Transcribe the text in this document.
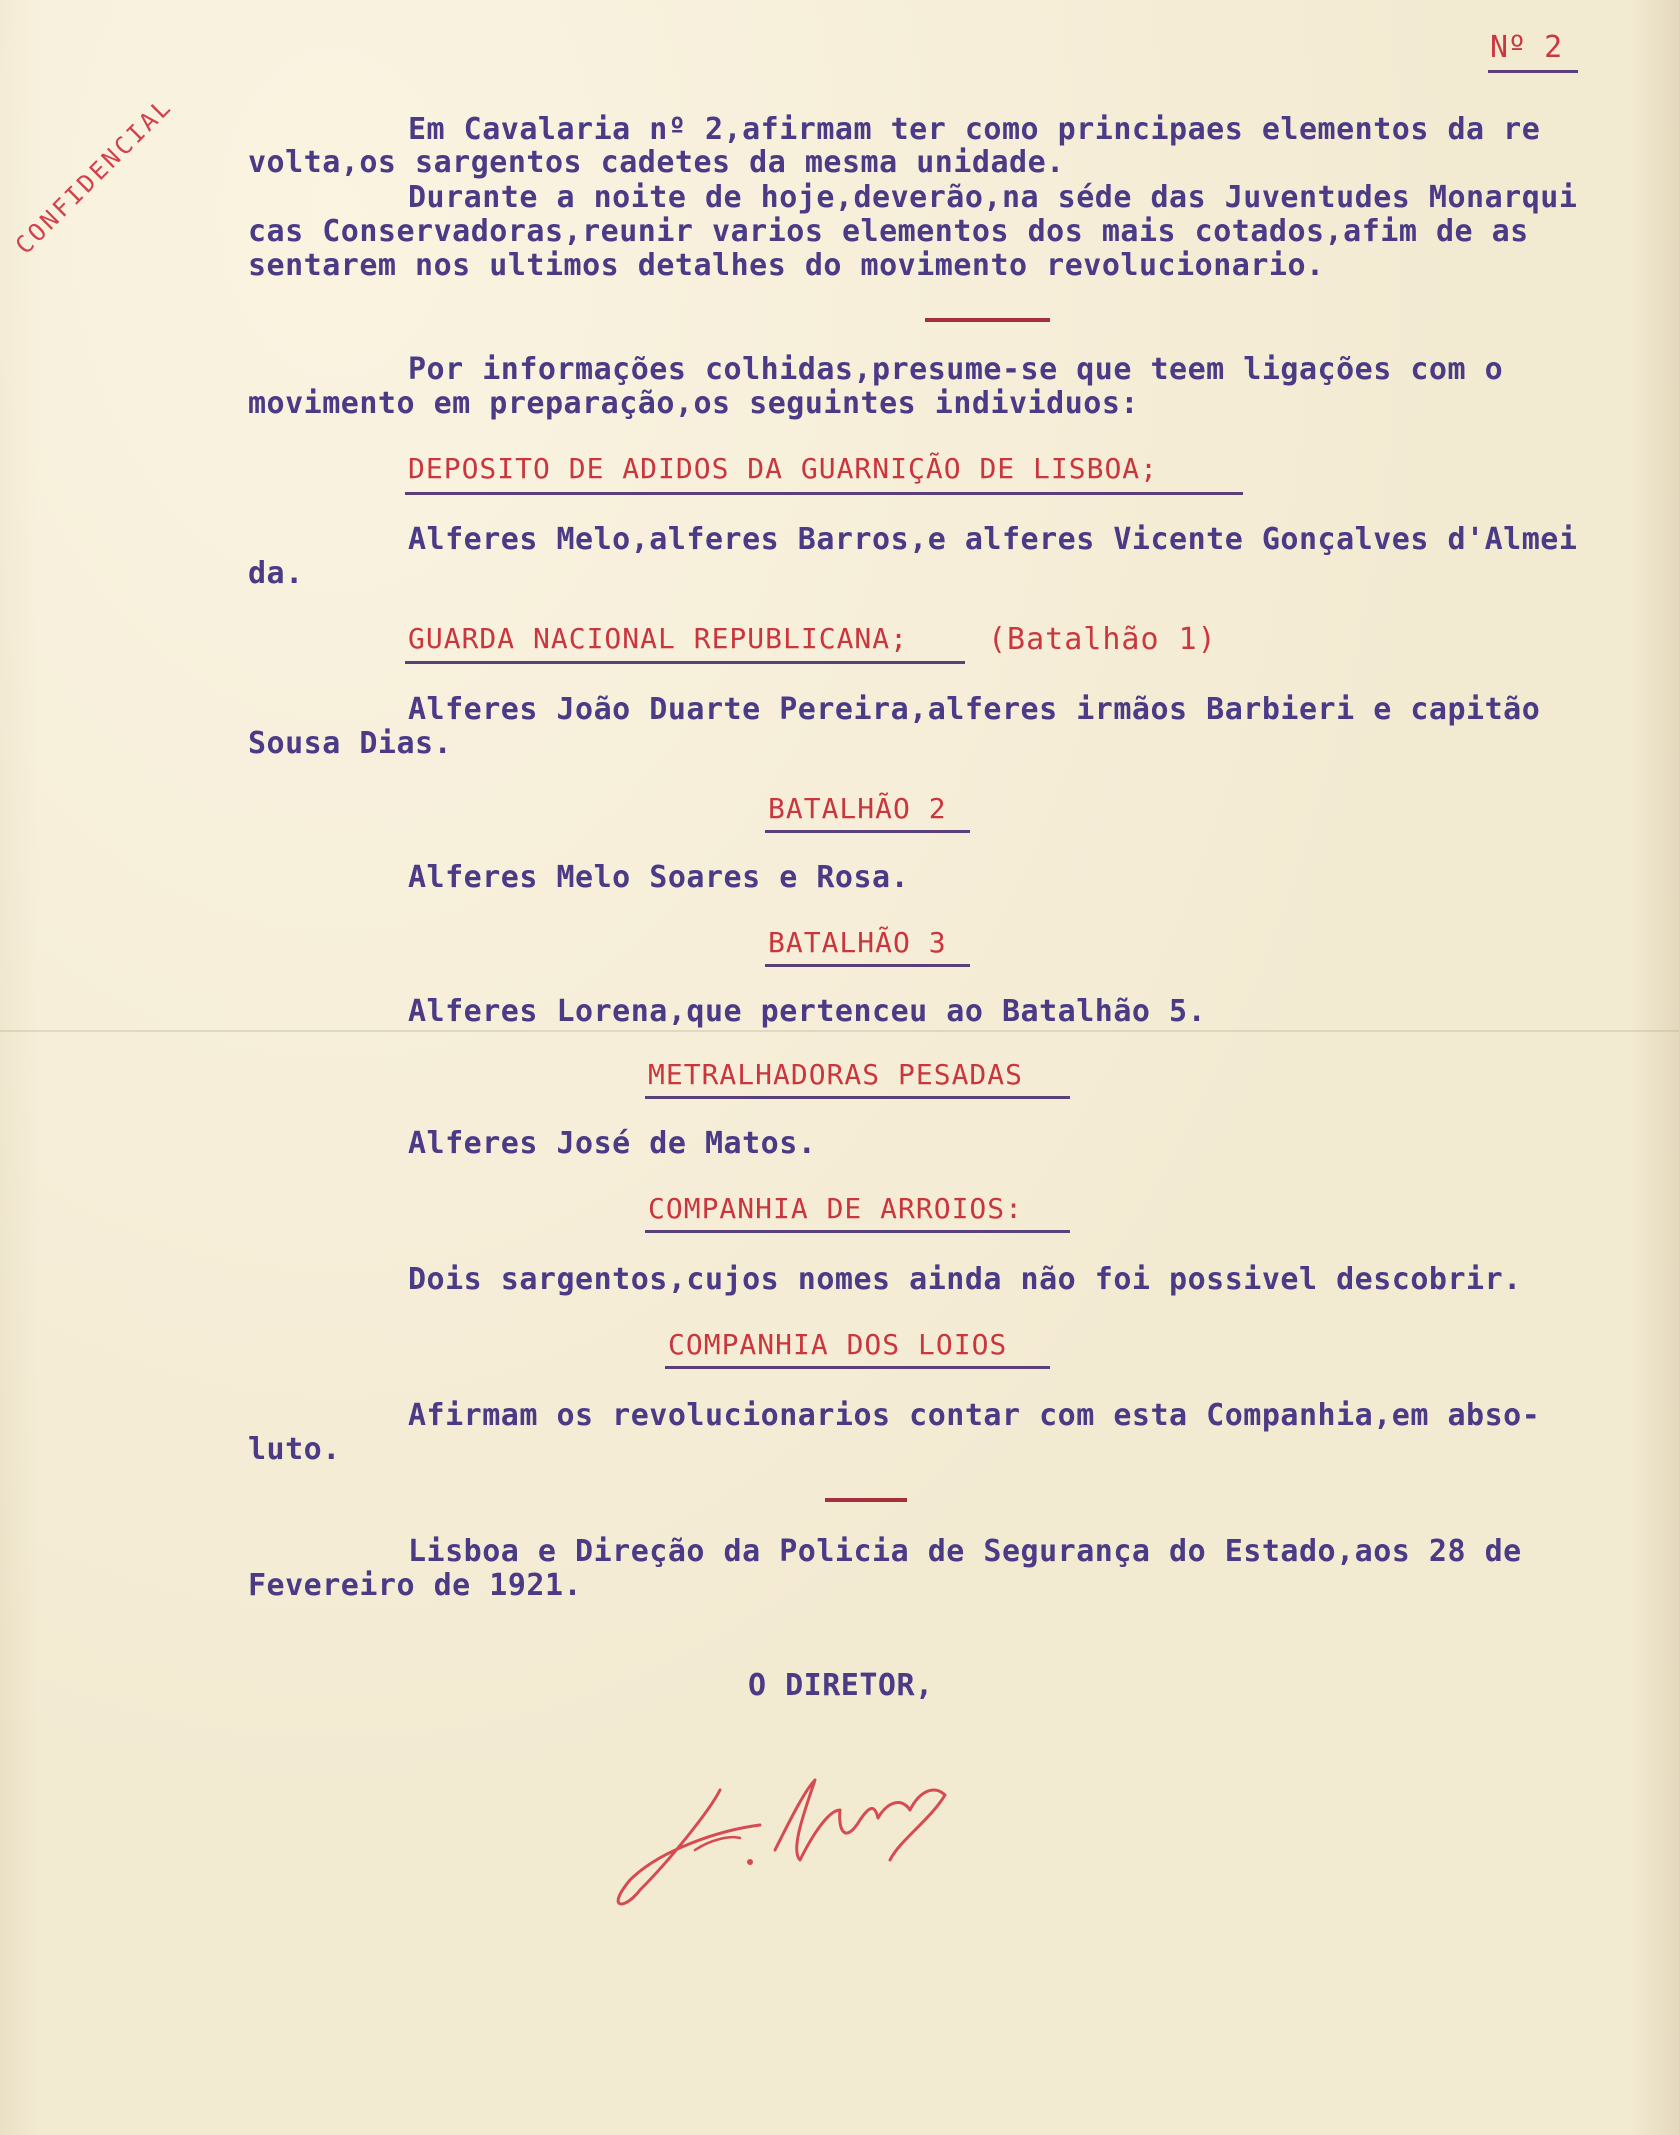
Nº 2

CONFIDENCIAL	Em Cavalaria nº 2,afirmam ter como principaes elementos da re

volta,os sargentos cadetes da mesma unidade.

Durante a noite de hoje,deverão,na séde das Juventudes Monarqui

cas Conservadoras,reunir varios elementos dos mais cotados,afim de as

sentarem nos ultimos detalhes do movimento revolucionario.

Por informações colhidas,presume-se que teem ligações com o

movimento em preparação,os seguintes individuos:

DEPOSITO DE ADIDOS DA GUARNIÇÃO DE LISBOA;

Alferes Melo,alferes Barros,e alferes Vicente Gonçalves d'Almei

da.

GUARDA NACIONAL REPUBLICANA;	(Batalhão 1)

Alferes João Duarte Pereira,alferes irmãos Barbieri e capitão

Sousa Dias.

BATALHÃO 2

Alferes Melo Soares e Rosa.

BATALHÃO 3

Alferes Lorena,que pertenceu ao Batalhão 5.

METRALHADORAS PESADAS

Alferes José de Matos.

COMPANHIA DE ARROIOS:

Dois sargentos,cujos nomes ainda não foi possivel descobrir.

COMPANHIA DOS LOIOS

Afirmam os revolucionarios contar com esta Companhia,em abso-

luto.

Lisboa e Direção da Policia de Segurança do Estado,aos 28 de

Fevereiro de 1921.

O DIRETOR,
